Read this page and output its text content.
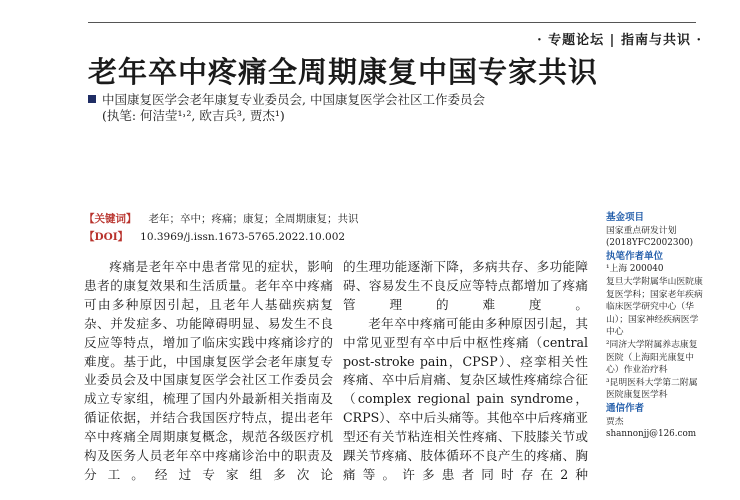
· 专题论坛 | 指南与共识 ·
老年卒中疼痛全周期康复中国专家共识
中国康复医学会老年康复专业委员会, 中国康复医学会社区工作委员会
(执笔: 何洁莹¹˒², 欧吉兵³, 贾杰¹)
【关键词】 老年；卒中；疼痛；康复；全周期康复；共识
【DOI】 10.3969/j.issn.1673-5765.2022.10.002

疼痛是老年卒中患者常见的症状，影响患者的康复效果和生活质量。老年卒中疼痛可由多种原因引起，且老年人基础疾病复杂、并发症多、功能障碍明显、易发生不良反应等特点，增加了临床实践中疼痛诊疗的难度。基于此，中国康复医学会老年康复专业委员会及中国康复医学会社区工作委员会成立专家组，梳理了国内外最新相关指南及循证依据，并结合我国医疗特点，提出老年卒中疼痛全周期康复概念，规范各级医疗机构及医务人员老年卒中疼痛诊治中的职责及分工。经过专家组多次论

的生理功能逐渐下降，多病共存、多功能障碍、容易发生不良反应等特点都增加了疼痛管理的难度。

老年卒中疼痛可能由多种原因引起，其中常见亚型有卒中后中枢性疼痛（central post-stroke pain，CPSP）、痉挛相关性疼痛、卒中后肩痛、复杂区域性疼痛综合征（complex regional pain syndrome，CRPS）、卒中后头痛等。其他卒中后疼痛亚型还有关节粘连相关性疼痛、下肢膝关节或踝关节疼痛、肢体循环不良产生的疼痛、胸痛等。许多患者同时存在2种

基金项目

国家重点研发计划(2018YFC2002300)

执笔作者单位

¹上海 200040

复旦大学附属华山医院康复医学科；国家老年疾病临床医学研究中心（华山）；国家神经疾病医学中心

²同济大学附属养志康复医院（上海阳光康复中心）作业治疗科

³昆明医科大学第二附属医院康复医学科

通信作者

贾杰

shannonjj@126.com
